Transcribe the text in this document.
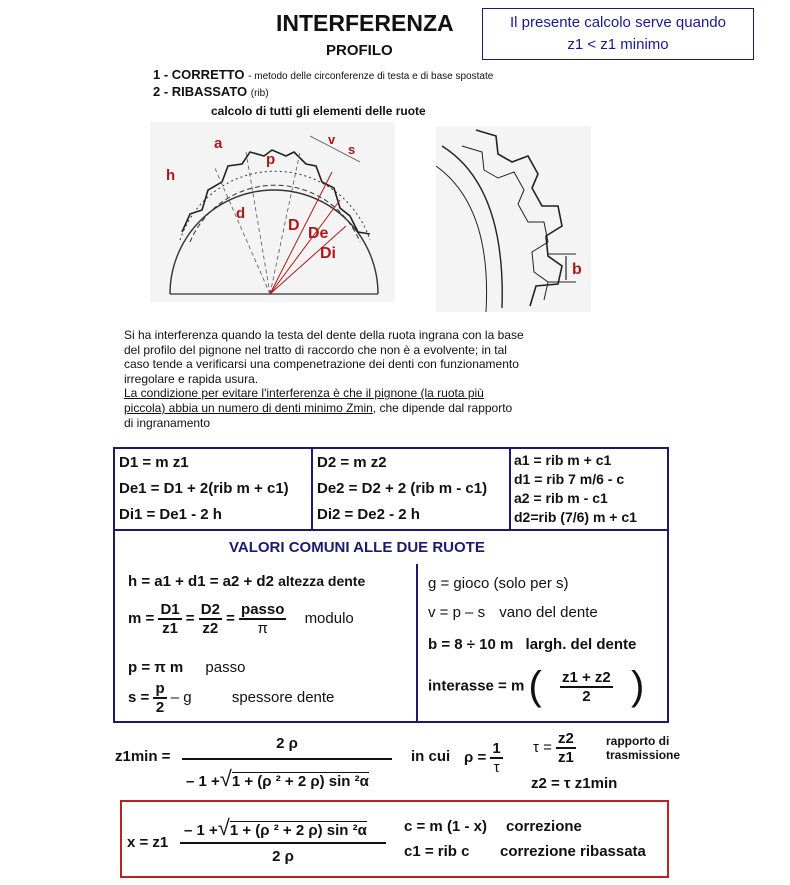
INTERFERENZA
PROFILO
Il presente calcolo serve quando
z1 < z1 minimo
1 - CORRETTO - metodo delle circonferenze di testa e di base spostate
2 - RIBASSATO (rib)
calcolo di tutti gli elementi delle ruote
a
p
h
d
v
s
D De
Di
b
Si ha interferenza quando la testa del dente della ruota ingrana con la base
del profilo del pignone nel tratto di raccordo che non è a evolvente; in tal
caso tende a verificarsi una compenetrazione dei denti con funzionamento
irregolare e rapida usura.
La condizione per evitare l'interferenza è che il pignone (la ruota più
piccola) abbia un numero di denti minimo Zmin, che dipende dal rapporto
di ingranamento
D1 = m z1
De1 = D1 + 2(rib m + c1)
Di1 = De1 - 2 h
D2 = m z2
De2 = D2 + 2 (rib m - c1)
Di2 = De2 - 2 h
a1 = rib m + c1
d1 = rib 7 m/6 - c
a2 = rib m - c1
d2=rib (7/6) m + c1
VALORI COMUNI ALLE DUE RUOTE
h = a1 + d1 = a2 + d2 altezza dente
$m = \frac{D1}{z1} = \frac{D2}{z2} = \frac{\text{passo}}{\pi}$ modulo
p = π m passo
$s = \frac{p}{2} - g$	spessore dente
g = gioco (solo per s)
v = p – s vano del dente
b = 8 ÷ 10 m largh. del dente
interasse = m ( $\frac{z1 + z2}{2}$ )
z1min =
2 ρ
– 1 +√1 + (ρ ² + 2 ρ) sin ²α
in cui $\rho = \frac{1}{\tau}$ $\tau = \frac{z2}{z1}$	rapporto di
trasmissione
z2 = τ z1min
x = z1
– 1 +√1 + (ρ ² + 2 ρ) sin ²α
2 ρ
c = m (1 - x) correzione
c1 = rib c correzione ribassata
